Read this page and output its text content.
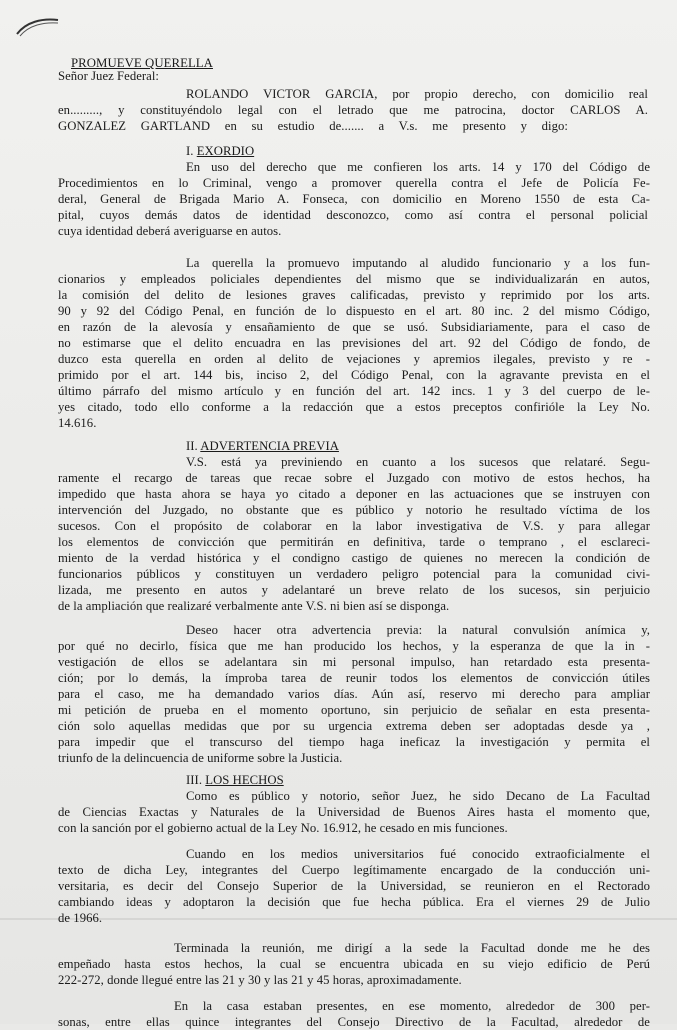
PROMUEVE QUERELLA

Señor Juez Federal:
ROLANDO VICTOR GARCIA, por propio derecho, con domicilio real
en........., y constituyéndolo legal con el letrado que me patrocina, doctor CARLOS A.
GONZALEZ GARTLAND en su estudio de....... a V.s. me presento y digo:
I. EXORDIO
En uso del derecho que me confieren los arts. 14 y 170 del Código de
Procedimientos en lo Criminal, vengo a promover querella contra el Jefe de Policía Fe-
deral, General de Brigada Mario A. Fonseca, con domicilio en Moreno 1550 de esta Ca-
pital, cuyos demás datos de identidad desconozco, como así contra el personal policial
cuya identidad deberá averiguarse en autos.
La querella la promuevo imputando al aludido funcionario y a los fun-
cionarios y empleados policiales dependientes del mismo que se individualizarán en autos,
la comisión del delito de lesiones graves calificadas, previsto y reprimido por los arts.
90 y 92 del Código Penal, en función de lo dispuesto en el art. 80 inc. 2 del mismo Código,
en razón de la alevosía y ensañamiento de que se usó. Subsidiariamente, para el caso de
no estimarse que el delito encuadra en las previsiones del art. 92 del Código de fondo, de
duzco esta querella en orden al delito de vejaciones y apremios ilegales, previsto y re -
primido por el art. 144 bis, inciso 2, del Código Penal, con la agravante prevista en el
último párrafo del mismo artículo y en función del art. 142 incs. 1 y 3 del cuerpo de le-
yes citado, todo ello conforme a la redacción que a estos preceptos confirióle la Ley No.
14.616.
II. ADVERTENCIA PREVIA
V.S. está ya previniendo en cuanto a los sucesos que relataré. Segu-
ramente el recargo de tareas que recae sobre el Juzgado con motivo de estos hechos, ha
impedido que hasta ahora se haya yo citado a deponer en las actuaciones que se instruyen con
intervención del Juzgado, no obstante que es público y notorio he resultado víctima de los
sucesos. Con el propósito de colaborar en la labor investigativa de V.S. y para allegar
los elementos de convicción que permitirán en definitiva, tarde o temprano , el esclareci-
miento de la verdad histórica y el condigno castigo de quienes no merecen la condición de
funcionarios públicos y constituyen un verdadero peligro potencial para la comunidad civi-
lizada, me presento en autos y adelantaré un breve relato de los sucesos, sin perjuicio
de la ampliación que realizaré verbalmente ante V.S. ni bien así se disponga.
Deseo hacer otra advertencia previa: la natural convulsión anímica y,
por qué no decirlo, física que me han producido los hechos, y la esperanza de que la in -
vestigación de ellos se adelantara sin mi personal impulso, han retardado esta presenta-
ción; por lo demás, la ímproba tarea de reunir todos los elementos de convicción útiles
para el caso, me ha demandado varios días. Aún así, reservo mi derecho para ampliar
mi petición de prueba en el momento oportuno, sin perjuicio de señalar en esta presenta-
ción solo aquellas medidas que por su urgencia extrema deben ser adoptadas desde ya ,
para impedir que el transcurso del tiempo haga ineficaz la investigación y permita el
triunfo de la delincuencia de uniforme sobre la Justicia.
III. LOS HECHOS
Como es público y notorio, señor Juez, he sido Decano de La Facultad
de Ciencias Exactas y Naturales de la Universidad de Buenos Aires hasta el momento que,
con la sanción por el gobierno actual de la Ley No. 16.912, he cesado en mis funciones.
Cuando en los medios universitarios fué conocido extraoficialmente el
texto de dicha Ley, integrantes del Cuerpo legítimamente encargado de la conducción uni-
versitaria, es decir del Consejo Superior de la Universidad, se reunieron en el Rectorado
cambiando ideas y adoptaron la decisión que fue hecha pública. Era el viernes 29 de Julio
de 1966.
Terminada la reunión, me dirigí a la sede la Facultad donde me he des
empeñado hasta estos hechos, la cual se encuentra ubicada en su viejo edificio de Perú
222-272, donde llegué entre las 21 y 30 y las 21 y 45 horas, aproximadamente.
En la casa estaban presentes, en ese momento, alrededor de 300 per-
sonas, entre ellas quince integrantes del Consejo Directivo de la Facultad, alrededor de
